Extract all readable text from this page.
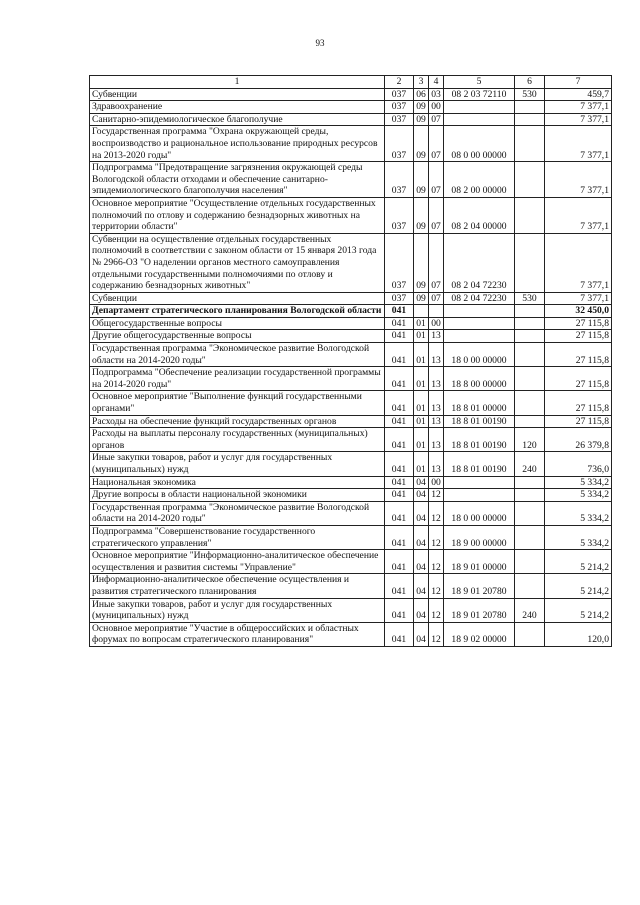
93
1	2	3	4	5	6	7
Субвенции	037	06	03	08 2 03 72110	530	459,7
Здравоохранение	037	09	00			7 377,1
Санитарно-эпидемиологическое благополучие	037	09	07			7 377,1
Государственная программа "Охрана окружающей среды, воспроизводство и рациональное использование природных ресурсов на 2013-2020 годы"	037	09	07	08 0 00 00000		7 377,1
Подпрограмма "Предотвращение загрязнения окружающей среды Вологодской области отходами и обеспечение санитарно-эпидемиологического благополучия населения"	037	09	07	08 2 00 00000		7 377,1
Основное мероприятие "Осуществление отдельных государственных полномочий по отлову и содержанию безнадзорных животных на территории области"	037	09	07	08 2 04 00000		7 377,1
Субвенции на осуществление отдельных государственных полномочий в соответствии с законом области от 15 января 2013 года № 2966-ОЗ "О наделении органов местного самоуправления отдельными государственными полномочиями по отлову и содержанию безнадзорных животных"	037	09	07	08 2 04 72230		7 377,1
Субвенции	037	09	07	08 2 04 72230	530	7 377,1
Департамент стратегического планирования Вологодской области	041					32 450,0
Общегосударственные вопросы	041	01	00			27 115,8
Другие общегосударственные вопросы	041	01	13			27 115,8
Государственная программа "Экономическое развитие Вологодской области на 2014-2020 годы"	041	01	13	18 0 00 00000		27 115,8
Подпрограмма "Обеспечение реализации государственной программы на 2014-2020 годы"	041	01	13	18 8 00 00000		27 115,8
Основное мероприятие "Выполнение функций государственными органами"	041	01	13	18 8 01 00000		27 115,8
Расходы на обеспечение функций государственных органов	041	01	13	18 8 01 00190		27 115,8
Расходы на выплаты персоналу государственных (муниципальных) органов	041	01	13	18 8 01 00190	120	26 379,8
Иные закупки товаров, работ и услуг для государственных (муниципальных) нужд	041	01	13	18 8 01 00190	240	736,0
Национальная экономика	041	04	00			5 334,2
Другие вопросы в области национальной экономики	041	04	12			5 334,2
Государственная программа "Экономическое развитие Вологодской области на 2014-2020 годы"	041	04	12	18 0 00 00000		5 334,2
Подпрограмма "Совершенствование государственного стратегического управления"	041	04	12	18 9 00 00000		5 334,2
Основное мероприятие "Информационно-аналитическое обеспечение осуществления и развития системы "Управление"	041	04	12	18 9 01 00000		5 214,2
Информационно-аналитическое обеспечение осуществления и развития стратегического планирования	041	04	12	18 9 01 20780		5 214,2
Иные закупки товаров, работ и услуг для государственных (муниципальных) нужд	041	04	12	18 9 01 20780	240	5 214,2
Основное мероприятие "Участие в общероссийских и областных форумах по вопросам стратегического планирования"	041	04	12	18 9 02 00000		120,0
